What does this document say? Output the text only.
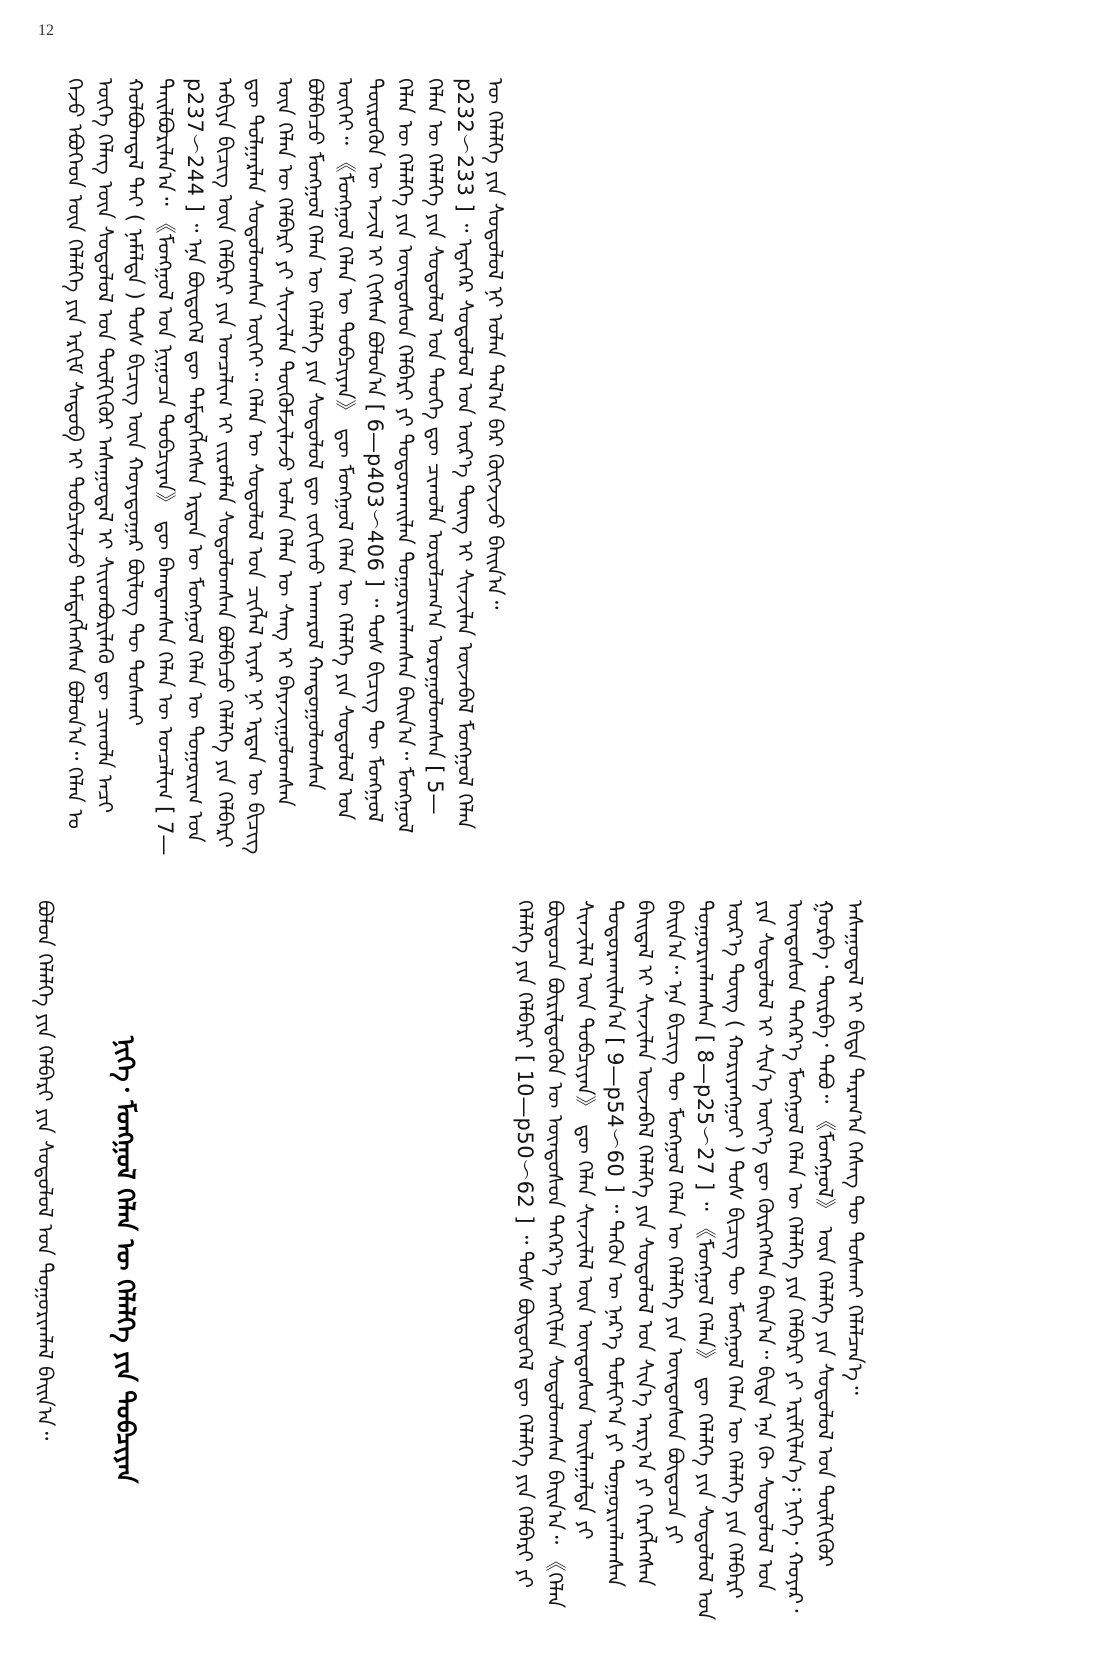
12
ᠭᠡᠵᠦ ᠡᠪᠦᠭᠡᠳ ᠦᠨ ᠬᠡᠯᠡᠯᠭᠡ ᠶᠢᠨ ᠡᠷᠬᠢᠮ ᠰᠡᠳᠦᠪ ᠢ ᠲᠣᠪᠴᠢᠯᠠᠵᠤ ᠲᠡᠮᠳᠡᠭᠯᠡᠭᠰᠡᠨ ᠪᠣᠯᠣᠨ᠎ᠠ᠃ ᠬᠡᠯᠡᠨ ᠤ ᠦᠭᠡ ᠬᠡᠯᠡᠭ ᠦᠨ ᠰᠤᠳᠤᠯᠤᠯ ᠤᠨ ᠲᠦᠯᠬᠢᠭᠦᠷ ᠠᠰᠠᠭᠤᠳᠠᠯ ᠢ ᠰᠢᠢᠳᠪᠦᠷᠢᠯᠡᠬᠦ ᠳᠦ ᠴᠢᠬᠤᠯᠠ ᠠᠴᠢ ᠬᠣᠯᠪᠣᠭᠳᠠᠯ ᠲᠠᠢ ( ᠨᠡᠮᠡᠯᠲᠡ ) ᠲᠤᠰ ᠪᠢᠴᠢᠭ ᠦᠨ ᠬᠣᠶᠠᠳᠤᠭᠠᠷ ᠪᠦᠯᠦᠭ ᠲᠦ ᠲᠤᠰᠬᠠᠢ ᠲᠠᠢᠯᠪᠤᠷᠢᠯᠠᠨ᠎ᠠ᠃ 《ᠮᠣᠩᠭᠣᠯ ᠤᠨ ᠨᠢᠭᠤᠴᠠ ᠲᠣᠪᠴᠢᠶᠠᠨ》 ᠳᠦ ᠪᠠᠭᠲᠠᠭᠰᠠᠨ ᠬᠡᠯᠡᠨ ᠦ ᠣᠨᠴᠠᠯᠢᠭ [ 7—p237～244 ] ᠃ ᠡᠨᠡ ᠪᠦᠲᠦᠭᠡᠯ ᠳᠦ ᠲᠡᠮᠳᠡᠭᠯᠡᠭᠰᠡᠨ ᠡᠷᠲᠡᠨ ᠦ ᠮᠣᠩᠭᠣᠯ ᠬᠡᠯᠡᠨ ᠦ ᠲᠣᠭᠣᠷᠢᠭ ᠤᠨ ᠠᠪᠢᠶᠠ ᠪᠢᠴᠢᠭ ᠦᠨ ᠬᠡᠯᠪᠡᠷᠢ ᠶᠢᠨ ᠣᠨᠴᠠᠯᠢᠭ ᠢ ᠵᠢᠷᠤᠮᠯᠠᠨ ᠰᠤᠳᠤᠯᠤᠭᠰᠠᠨ ᠪᠣᠯᠪᠠᠴᠤ ᠬᠡᠯᠡᠯᠭᠡ ᠶᠢᠨ ᠬᠡᠯᠪᠡᠷᠢ ᠳᠦ ᠲᠤᠯᠭᠠᠷᠯᠠᠨ ᠰᠤᠳᠤᠯᠤᠭᠰᠠᠨ ᠦᠭᠡᠢ᠃ ᠬᠡᠯᠡᠨ ᠦ ᠰᠤᠳᠤᠯᠤᠯ ᠤᠨ ᠴᠢᠭᠯᠡᠯ ᠢᠶᠡᠷ ᠨᠢ ᠡᠷᠲᠡᠨ ᠦ ᠪᠢᠴᠢᠭ ᠦᠨ ᠬᠡᠯᠡᠨ ᠦ ᠬᠡᠯᠪᠡᠷᠢ ᠶᠢ ᠰᠢᠨᠵᠢᠯᠡᠨ ᠳᠦᠭᠦᠮᠵᠢᠯᠡᠵᠦ ᠣᠯᠠᠨ ᠬᠡᠯᠡᠨ ᠦ ᠰᠠᠩ ᠢ ᠪᠠᠶᠠᠵᠢᠭᠤᠯᠤᠭᠰᠠᠨ ᠪᠣᠯᠪᠠᠴᠤ ᠮᠣᠩᠭᠣᠯ ᠬᠡᠯᠡᠨ ᠦ ᠬᠡᠯᠡᠯᠭᠡ ᠶᠢᠨ ᠰᠤᠳᠤᠯᠤᠯ ᠳᠦ ᠵᠣᠬᠢᠬᠤ ᠠᠨᠬᠠᠷᠤᠯ ᠬᠠᠨᠳᠤᠭᠤᠯᠤᠭᠰᠠᠨ ᠦᠭᠡᠢ᠃ 《ᠮᠣᠩᠭᠣᠯ ᠬᠡᠯᠡᠨ ᠦ ᠲᠣᠪᠴᠢᠶᠠᠨ》 ᠳᠦ ᠮᠣᠩᠭᠣᠯ ᠬᠡᠯᠡᠨ ᠦ ᠬᠡᠯᠡᠯᠭᠡ ᠶᠢᠨ ᠰᠤᠳᠤᠯᠤᠯ ᠤᠨ ᠲᠦᠷᠦᠭᠦᠨ ᠦ ᠠᠵᠢᠯ ᠢ ᠬᠢᠭᠰᠡᠨ ᠪᠣᠯᠤᠨ᠎ᠠ [ 6—p403～406 ] ᠃ ᠲᠤᠰ ᠪᠢᠴᠢᠭ ᠲᠦ ᠮᠣᠩᠭᠣᠯ ᠬᠡᠯᠡᠨ ᠦ ᠬᠡᠯᠡᠯᠭᠡ ᠶᠢᠨ ᠦᠨᠳᠦᠰᠦᠨ ᠬᠡᠯᠪᠡᠷᠢ ᠶᠢ ᠲᠣᠳᠤᠷᠬᠠᠢᠯᠠᠨ ᠲᠣᠭᠣᠷᠢᠭᠯᠠᠭᠰᠠᠨ ᠪᠠᠢᠨ᠎ᠠ᠃ ᠮᠣᠩᠭᠣᠯ ᠬᠡᠯᠡᠨ ᠦ ᠬᠡᠯᠡᠯᠭᠡ ᠶᠢᠨ ᠰᠤᠳᠤᠯᠤᠯ ᠤᠨ ᠲᠡᠦᠬᠡ ᠳᠦ ᠴᠢᠬᠤᠯᠠ ᠣᠷᠤᠯᠴᠠᠭ᠎ᠠ ᠣᠷᠤᠭᠤᠯᠤᠭᠰᠠᠨ [ 5—p232～233 ] ᠃ ᠡᠳᠡᠭᠡᠷ ᠰᠤᠳᠤᠯᠤᠯ ᠤᠨ ᠦᠷ᠎ᠡ ᠳᠦᠩ ᠢ ᠰᠢᠨᠵᠢᠯᠡᠨ ᠦᠵᠡᠪᠡᠯ ᠮᠣᠩᠭᠣᠯ ᠬᠡᠯᠡᠨ ᠦ ᠬᠡᠯᠡᠯᠭᠡ ᠶᠢᠨ ᠰᠤᠳᠤᠯᠤᠯ ᠨᠢ ᠣᠯᠠᠨ ᠲᠠᠯ᠎ᠠ ᠪᠠᠷ ᠬᠦᠭᠵᠢᠵᠦ ᠪᠠᠢᠨ᠎ᠠ᠃
ᠬᠡᠯᠡᠯᠭᠡ ᠶᠢᠨ ᠬᠡᠯᠪᠡᠷᠢ [ 10—p50～62 ] ᠃ ᠲᠤᠰ ᠪᠦᠲᠦᠭᠡᠯ ᠳᠦ ᠬᠡᠯᠡᠯᠭᠡ ᠶᠢᠨ ᠬᠡᠯᠪᠡᠷᠢ ᠶᠢ ᠪᠦᠲᠦᠴᠡ ᠪᠦᠷᠢᠯᠳᠦᠬᠦᠨ ᠦ ᠦᠨᠳᠦᠰᠦᠨ ᠳᠡᠭᠡᠷ᠎ᠡ ᠠᠩᠭᠢᠯᠠᠨ ᠰᠤᠳᠤᠯᠤᠭᠰᠠᠨ ᠪᠠᠢᠨ᠎ᠠ᠃ 《ᠬᠡᠯᠡᠨ ᠰᠢᠨᠵᠢᠯᠡᠯ ᠦᠨ ᠲᠣᠪᠴᠢᠶᠠᠨ》 ᠳᠦ ᠬᠡᠯᠡᠨ ᠰᠢᠨᠵᠢᠯᠡᠯ ᠦᠨ ᠦᠨᠳᠦᠰᠦᠨ ᠣᠢᠯᠠᠭᠠᠯᠲᠠ ᠶᠢ ᠲᠣᠳᠣᠷᠬᠠᠢᠯᠠᠨ᠎ᠠ [ 9—p54～60 ] ᠃ ᠲᠡᠭᠦᠨ ᠦ ᠨᠡᠷ᠎ᠡ ᠲᠣᠮᠢᠶ᠎ᠠ ᠶᠢ ᠲᠣᠭᠣᠷᠢᠭᠯᠠᠭᠰᠠᠨ ᠪᠠᠢᠳᠠᠯ ᠢ ᠰᠢᠨᠵᠢᠯᠡᠨ ᠦᠵᠡᠪᠡᠯ ᠬᠡᠯᠡᠯᠭᠡ ᠶᠢᠨ ᠰᠤᠳᠤᠯᠤᠯ ᠤᠨ ᠰᠢᠨ᠎ᠡ ᠠᠷᠭ᠎ᠠ ᠶᠢ ᠬᠡᠷᠡᠭᠯᠡᠭᠰᠡᠨ ᠪᠠᠢᠨ᠎ᠠ᠃ ᠡᠨᠡ ᠪᠢᠴᠢᠭ ᠲᠦ ᠮᠣᠩᠭᠣᠯ ᠬᠡᠯᠡᠨ ᠦ ᠬᠡᠯᠡᠯᠭᠡ ᠶᠢᠨ ᠦᠨᠳᠦᠰᠦᠨ ᠪᠦᠲᠦᠴᠡ ᠶᠢ ᠲᠣᠭᠣᠷᠢᠭᠯᠠᠭᠰᠠᠨ [ 8—p25～27 ] ᠃ 《ᠮᠣᠩᠭᠣᠯ ᠬᠡᠯᠡᠨ》 ᠳᠦ ᠬᠡᠯᠡᠯᠭᠡ ᠶᠢᠨ ᠰᠤᠳᠤᠯᠤᠯ ᠤᠨ ᠦᠷ᠎ᠡ ᠳᠦᠩ ( ᠬᠤᠷᠢᠶᠠᠩᠭᠤᠢ ) ᠲᠤᠰ ᠪᠢᠴᠢᠭ ᠲᠦ ᠮᠣᠩᠭᠣᠯ ᠬᠡᠯᠡᠨ ᠦ ᠬᠡᠯᠡᠯᠭᠡ ᠶᠢᠨ ᠬᠡᠯᠪᠡᠷᠢ ᠶᠢᠨ ᠰᠤᠳᠤᠯᠤᠯ ᠢ ᠰᠢᠨ᠎ᠡ ᠦᠶ᠎ᠡ ᠳᠦ ᠬᠦᠷᠭᠡᠭᠰᠡᠨ ᠪᠠᠢᠨ᠎ᠠ᠃ ᠪᠢᠳᠡ ᠡᠨᠡ ᠬᠦ ᠰᠤᠳᠤᠯᠤᠯ ᠤᠨ ᠦᠨᠳᠦᠰᠦᠨ ᠳᠡᠭᠡᠷ᠎ᠡ ᠮᠣᠩᠭᠣᠯ ᠬᠡᠯᠡᠨ ᠦ ᠬᠡᠯᠡᠯᠭᠡ ᠶᠢᠨ ᠬᠡᠯᠪᠡᠷᠢ ᠶᠢ ᠡᠷᠢᠯᠬᠢᠯᠡᠨ᠎ᠡ᠄ ᠨᠢᠭᠡ᠂ ᠬᠣᠶᠠᠷ᠂ ᠭᠤᠷᠪᠠ᠂ ᠳᠥᠷᠪᠡ᠂ ᠲᠠᠪᠤ᠃ 《ᠮᠣᠩᠭᠣᠯ》 ᠦᠨ ᠬᠡᠯᠡᠯᠭᠡ ᠶᠢᠨ ᠰᠤᠳᠤᠯᠤᠯ ᠤᠨ ᠲᠦᠯᠬᠢᠭᠦᠷ ᠠᠰᠠᠭᠤᠳᠠᠯ ᠢ ᠪᠢᠳᠡ ᠳᠠᠷᠠᠭ᠎ᠠ ᠬᠡᠰᠡᠭ ᠲᠦ ᠲᠤᠰᠬᠠᠢ ᠬᠡᠯᠡᠯᠴᠡᠨ᠎ᠡ᠃
ᠨᠢᠭᠡ᠂ ᠮᠣᠩᠭᠣᠯ ᠬᠡᠯᠡᠨ ᠦ ᠬᠡᠯᠡᠯᠭᠡ ᠶᠢᠨ ᠲᠣᠪᠴᠢᠶᠠᠨ
ᠪᠣᠯᠤᠨ ᠬᠡᠯᠡᠯᠭᠡ ᠶᠢᠨ ᠬᠡᠯᠪᠡᠷᠢ ᠶᠢᠨ ᠰᠤᠳᠤᠯᠤᠯ ᠤᠨ ᠲᠣᠭᠣᠷᠢᠭᠯᠠᠯ ᠪᠠᠢᠨ᠎ᠠ᠃
